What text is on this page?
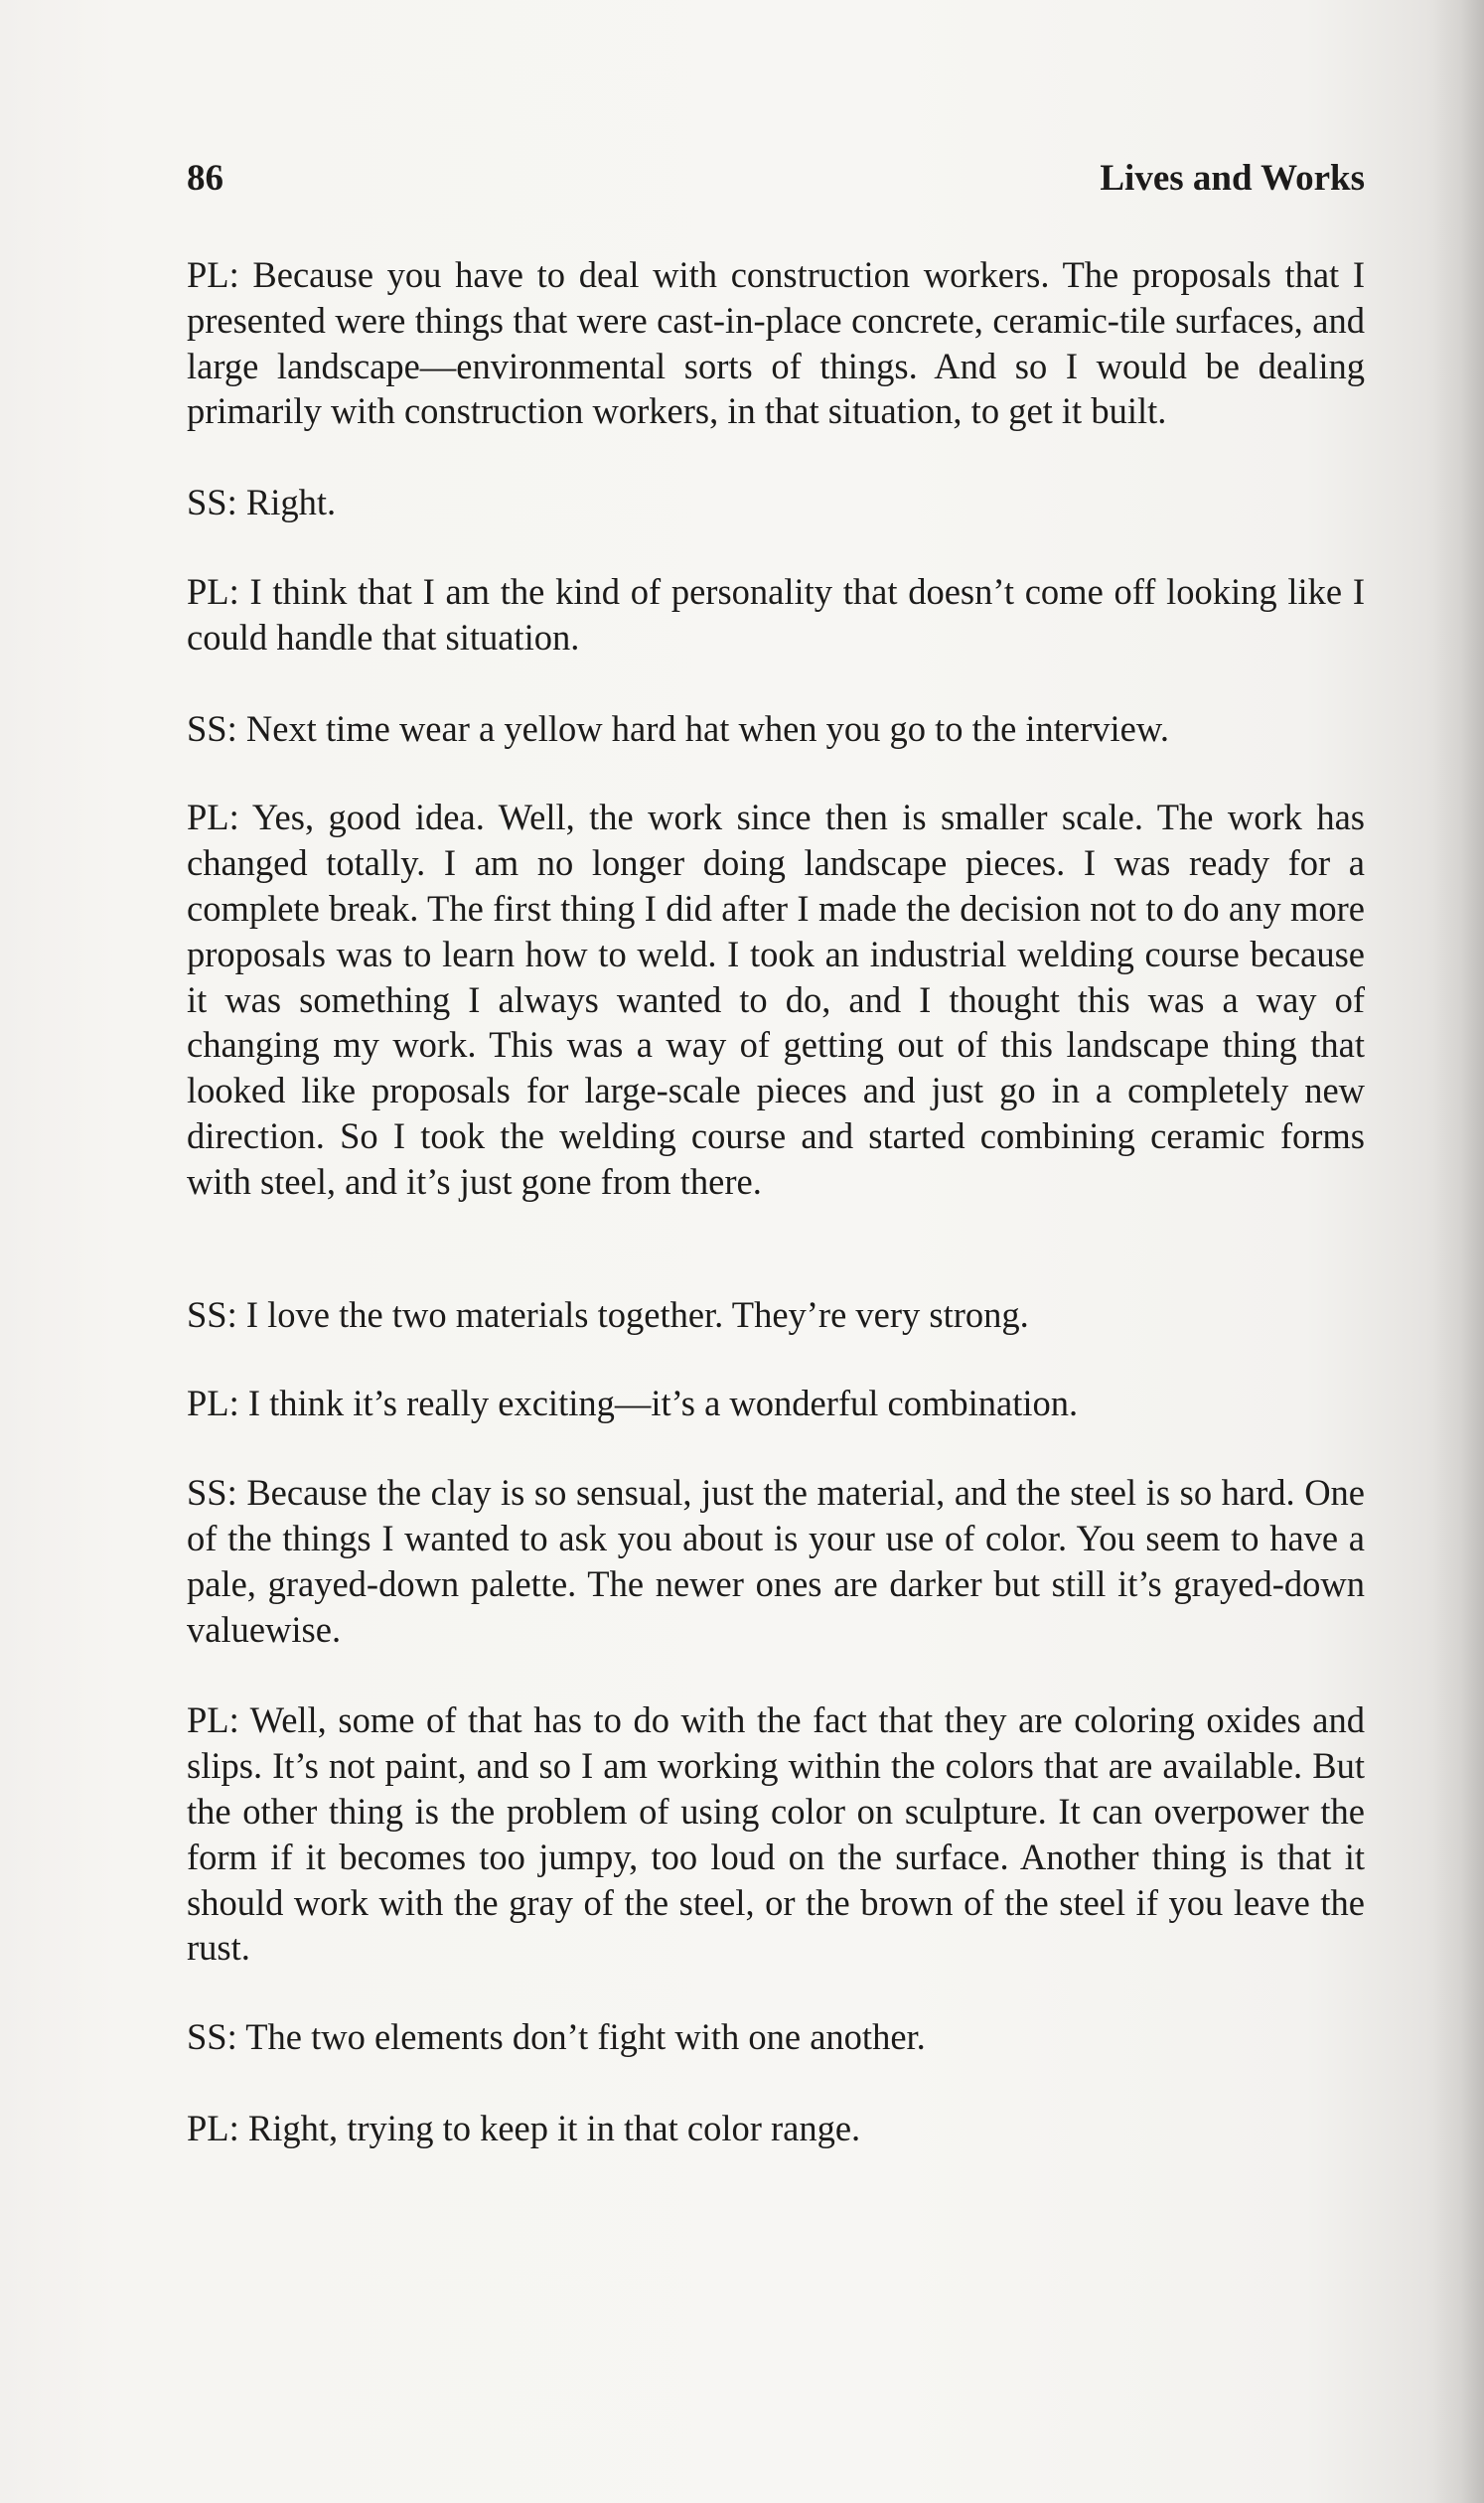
86	Lives and Works

PL: Because you have to deal with construction workers. The proposals that I presented were things that were cast-in-place concrete, ceramic-tile surfaces, and large landscape—environmental sorts of things. And so I would be dealing primarily with construction workers, in that situation, to get it built.

SS: Right.

PL: I think that I am the kind of personality that doesn’t come off looking like I could handle that situation.

SS: Next time wear a yellow hard hat when you go to the interview.

PL: Yes, good idea. Well, the work since then is smaller scale. The work has changed totally. I am no longer doing landscape pieces. I was ready for a complete break. The first thing I did after I made the decision not to do any more proposals was to learn how to weld. I took an industrial welding course because it was something I always wanted to do, and I thought this was a way of changing my work. This was a way of getting out of this landscape thing that looked like proposals for large-scale pieces and just go in a completely new direction. So I took the welding course and started combining ceramic forms with steel, and it’s just gone from there.

SS: I love the two materials together. They’re very strong.

PL: I think it’s really exciting—it’s a wonderful combination.

SS: Because the clay is so sensual, just the material, and the steel is so hard. One of the things I wanted to ask you about is your use of color. You seem to have a pale, grayed-down palette. The newer ones are darker but still it’s grayed-down valuewise.

PL: Well, some of that has to do with the fact that they are coloring oxides and slips. It’s not paint, and so I am working within the colors that are available. But the other thing is the problem of using color on sculpture. It can overpower the form if it becomes too jumpy, too loud on the surface. Another thing is that it should work with the gray of the steel, or the brown of the steel if you leave the rust.

SS: The two elements don’t fight with one another.

PL: Right, trying to keep it in that color range.
